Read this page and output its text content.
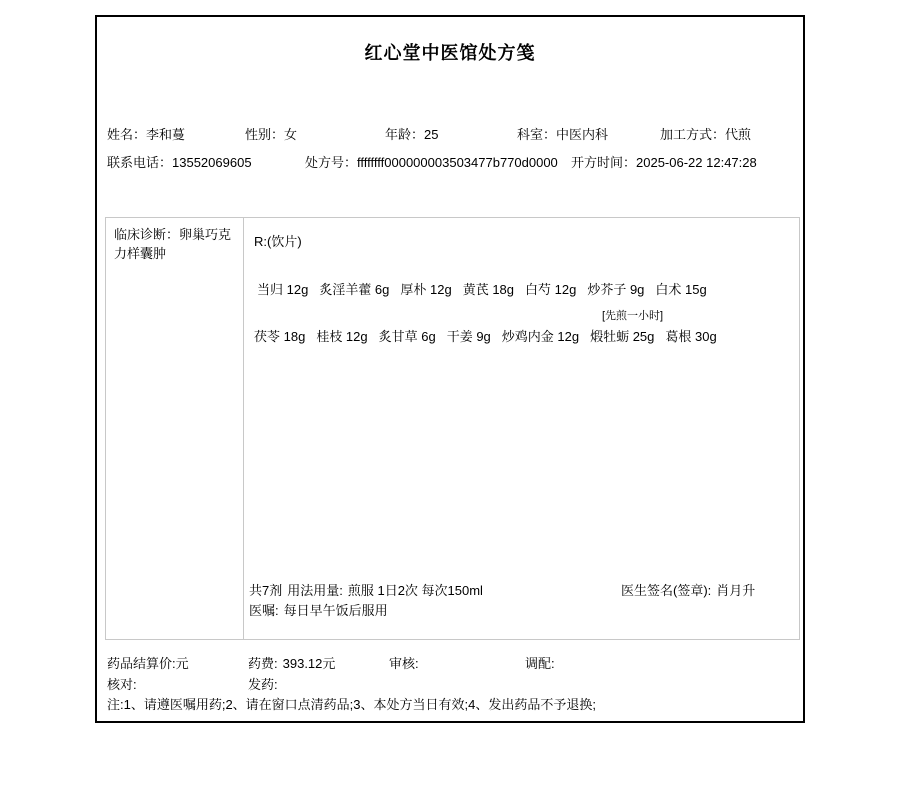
红心堂中医馆处方笺
姓名：李和蔓	性别：女	年龄：25	科室：中医内科	加工方式：代煎
联系电话：13552069605	处方号：ffffffff000000003503477b770d0000 开方时间：2025-06-22 12:47:28
临床诊断：卵巢巧克力样囊肿
R:(饮片)
当归 12g 炙淫羊藿 6g 厚朴 12g 黄芪 18g 白芍 12g 炒芥子 9g 白术 15g
[先煎一小时]
茯苓 18g 桂枝 12g 炙甘草 6g 干姜 9g 炒鸡内金 12g 煅牡蛎 25g 葛根 30g
共7剂 用法用量: 煎服 1日2次 每次150ml	医生签名(签章): 肖月升
医嘱: 每日早午饭后服用
药品结算价:元	药费: 393.12元	审核:	调配:
核对:	发药:
注:1、请遵医嘱用药;2、请在窗口点清药品;3、本处方当日有效;4、发出药品不予退换;
